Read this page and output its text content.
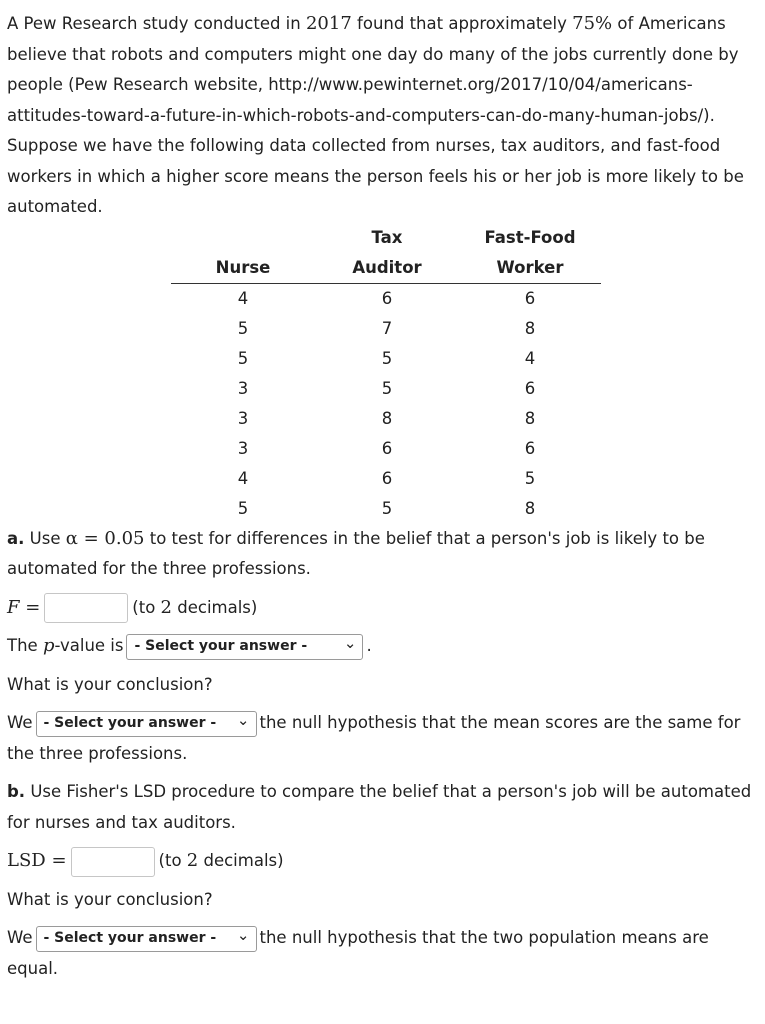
A Pew Research study conducted in 2017 found that approximately 75% of Americans believe that robots and computers might one day do many of the jobs currently done by people (Pew Research website, http://www.pewinternet.org/2017/10/04/americans-attitudes-toward-a-future-in-which-robots-and-computers-can-do-many-human-jobs/). Suppose we have the following data collected from nurses, tax auditors, and fast-food workers in which a higher score means the person feels his or her job is more likely to be automated.

	Tax	Fast-Food
Nurse	Auditor	Worker
4	6	6
5	7	8
5	5	4
3	5	6
3	8	8
3	6	6
4	6	5
5	5	8

a. Use α = 0.05 to test for differences in the belief that a person's job is likely to be automated for the three professions.

F =	(to 2 decimals)

The p-value is - Select your answer - ⌄ .

What is your conclusion?

We - Select your answer - ⌄ the null hypothesis that the mean scores are the same for the three professions.

b. Use Fisher's LSD procedure to compare the belief that a person's job will be automated for nurses and tax auditors.

LSD =	(to 2 decimals)

What is your conclusion?

We - Select your answer - ⌄ the null hypothesis that the two population means are equal.
